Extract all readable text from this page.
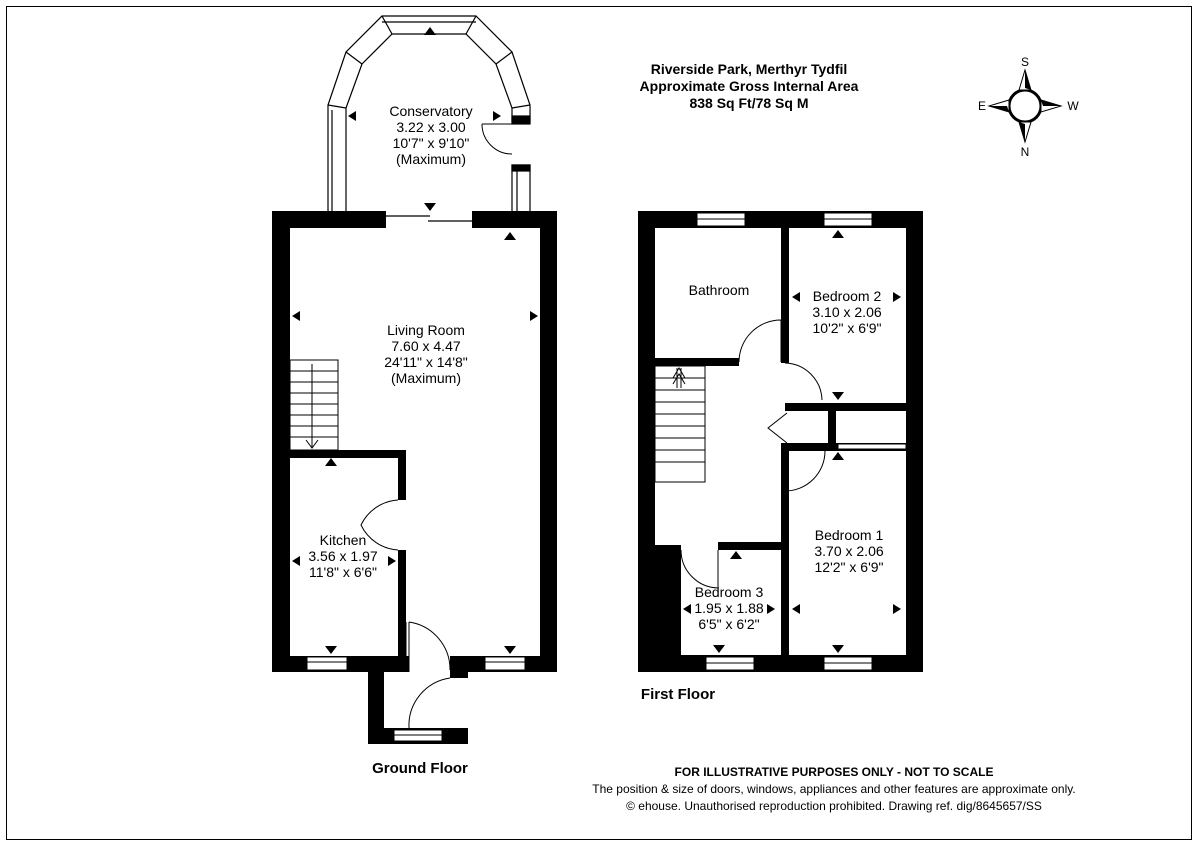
S
N
E	W
Riverside Park, Merthyr Tydfil
Approximate Gross Internal Area
838 Sq Ft/78 Sq M
Conservatory
3.22 x 3.00
10'7" x 9'10"
(Maximum)
Living Room
7.60 x 4.47
24'11" x 14'8"
(Maximum)
Kitchen
3.56 x 1.97
11'8" x 6'6"
Bathroom	Bedroom 2
3.10 x 2.06
10'2" x 6'9"
Bedroom 1
3.70 x 2.06
12'2" x 6'9"
Bedroom 3
1.95 x 1.88
6'5" x 6'2"
Ground Floor
First Floor
FOR ILLUSTRATIVE PURPOSES ONLY - NOT TO SCALE
The position & size of doors, windows, appliances and other features are approximate only.
© ehouse. Unauthorised reproduction prohibited. Drawing ref. dig/8645657/SS
